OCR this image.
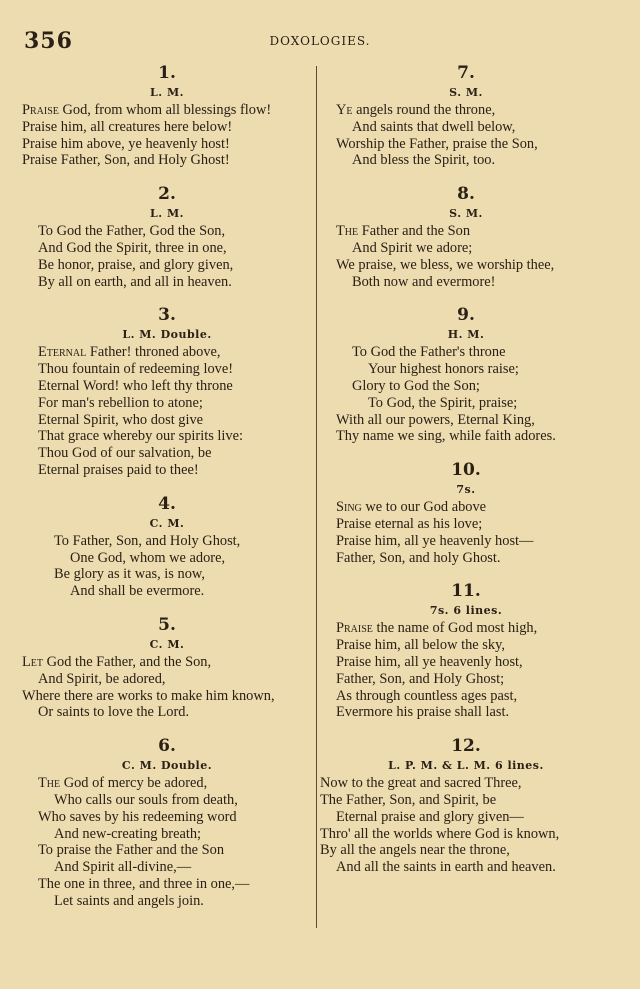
356	DOXOLOGIES.
1.
L. M.
Praise God, from whom all blessings flow!
Praise him, all creatures here below!
Praise him above, ye heavenly host!
Praise Father, Son, and Holy Ghost!
2.
L. M.
To God the Father, God the Son,
And God the Spirit, three in one,
Be honor, praise, and glory given,
By all on earth, and all in heaven.
3.
L. M. Double.
Eternal Father! throned above,
Thou fountain of redeeming love!
Eternal Word! who left thy throne
For man's rebellion to atone;
Eternal Spirit, who dost give
That grace whereby our spirits live:
Thou God of our salvation, be
Eternal praises paid to thee!
4.
C. M.
To Father, Son, and Holy Ghost,
One God, whom we adore,
Be glory as it was, is now,
And shall be evermore.
5.
C. M.
Let God the Father, and the Son,
And Spirit, be adored,
Where there are works to make him known,
Or saints to love the Lord.
6.
C. M. Double.
The God of mercy be adored,
Who calls our souls from death,
Who saves by his redeeming word
And new-creating breath;
To praise the Father and the Son
And Spirit all-divine,—
The one in three, and three in one,—
Let saints and angels join.
7.
S. M.
Ye angels round the throne,
And saints that dwell below,
Worship the Father, praise the Son,
And bless the Spirit, too.
8.
S. M.
The Father and the Son
And Spirit we adore;
We praise, we bless, we worship thee,
Both now and evermore!
9.
H. M.
To God the Father's throne
Your highest honors raise;
Glory to God the Son;
To God, the Spirit, praise;
With all our powers, Eternal King,
Thy name we sing, while faith adores.
10.
7s.
Sing we to our God above
Praise eternal as his love;
Praise him, all ye heavenly host—
Father, Son, and holy Ghost.
11.
7s. 6 lines.
Praise the name of God most high,
Praise him, all below the sky,
Praise him, all ye heavenly host,
Father, Son, and Holy Ghost;
As through countless ages past,
Evermore his praise shall last.
12.
L. P. M. & L. M. 6 lines.
Now to the great and sacred Three,
The Father, Son, and Spirit, be
Eternal praise and glory given—
Thro' all the worlds where God is known,
By all the angels near the throne,
And all the saints in earth and heaven.
